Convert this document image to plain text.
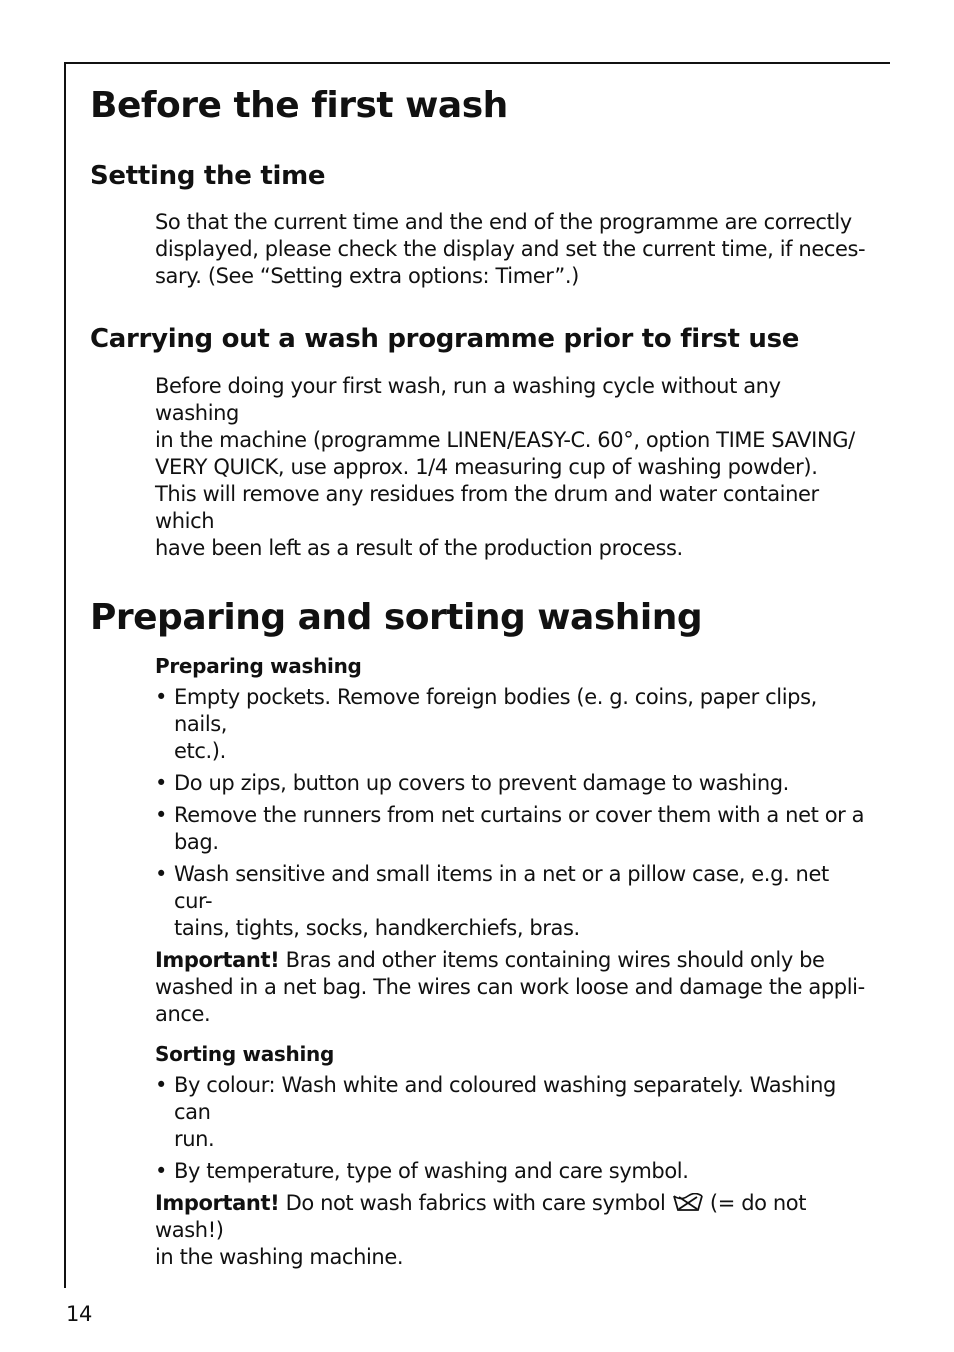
Before the first wash
Setting the time

So that the current time and the end of the programme are correctly

displayed, please check the display and set the current time, if neces-

sary. (See “Setting extra options: Timer”.)

Carrying out a wash programme prior to first use

Before doing your first wash, run a washing cycle without any washing

in the machine (programme LINEN/EASY-C. 60°, option TIME SAVING/

VERY QUICK, use approx. 1/4 measuring cup of washing powder).

This will remove any residues from the drum and water container which

have been left as a result of the production process.

Preparing and sorting washing
Preparing washing
• Empty pockets. Remove foreign bodies (e. g. coins, paper clips, nails,

etc.).

• Do up zips, button up covers to prevent damage to washing.

• Remove the runners from net curtains or cover them with a net or a

bag.

• Wash sensitive and small items in a net or a pillow case, e.g. net cur-

tains, tights, socks, handkerchiefs, bras.

Important! Bras and other items containing wires should only be

washed in a net bag. The wires can work loose and damage the appli-

ance.

Sorting washing
• By colour: Wash white and coloured washing separately. Washing can

run.

• By temperature, type of washing and care symbol.

Important! Do not wash fabrics with care symbol  (= do not wash!)

in the washing machine.

14
